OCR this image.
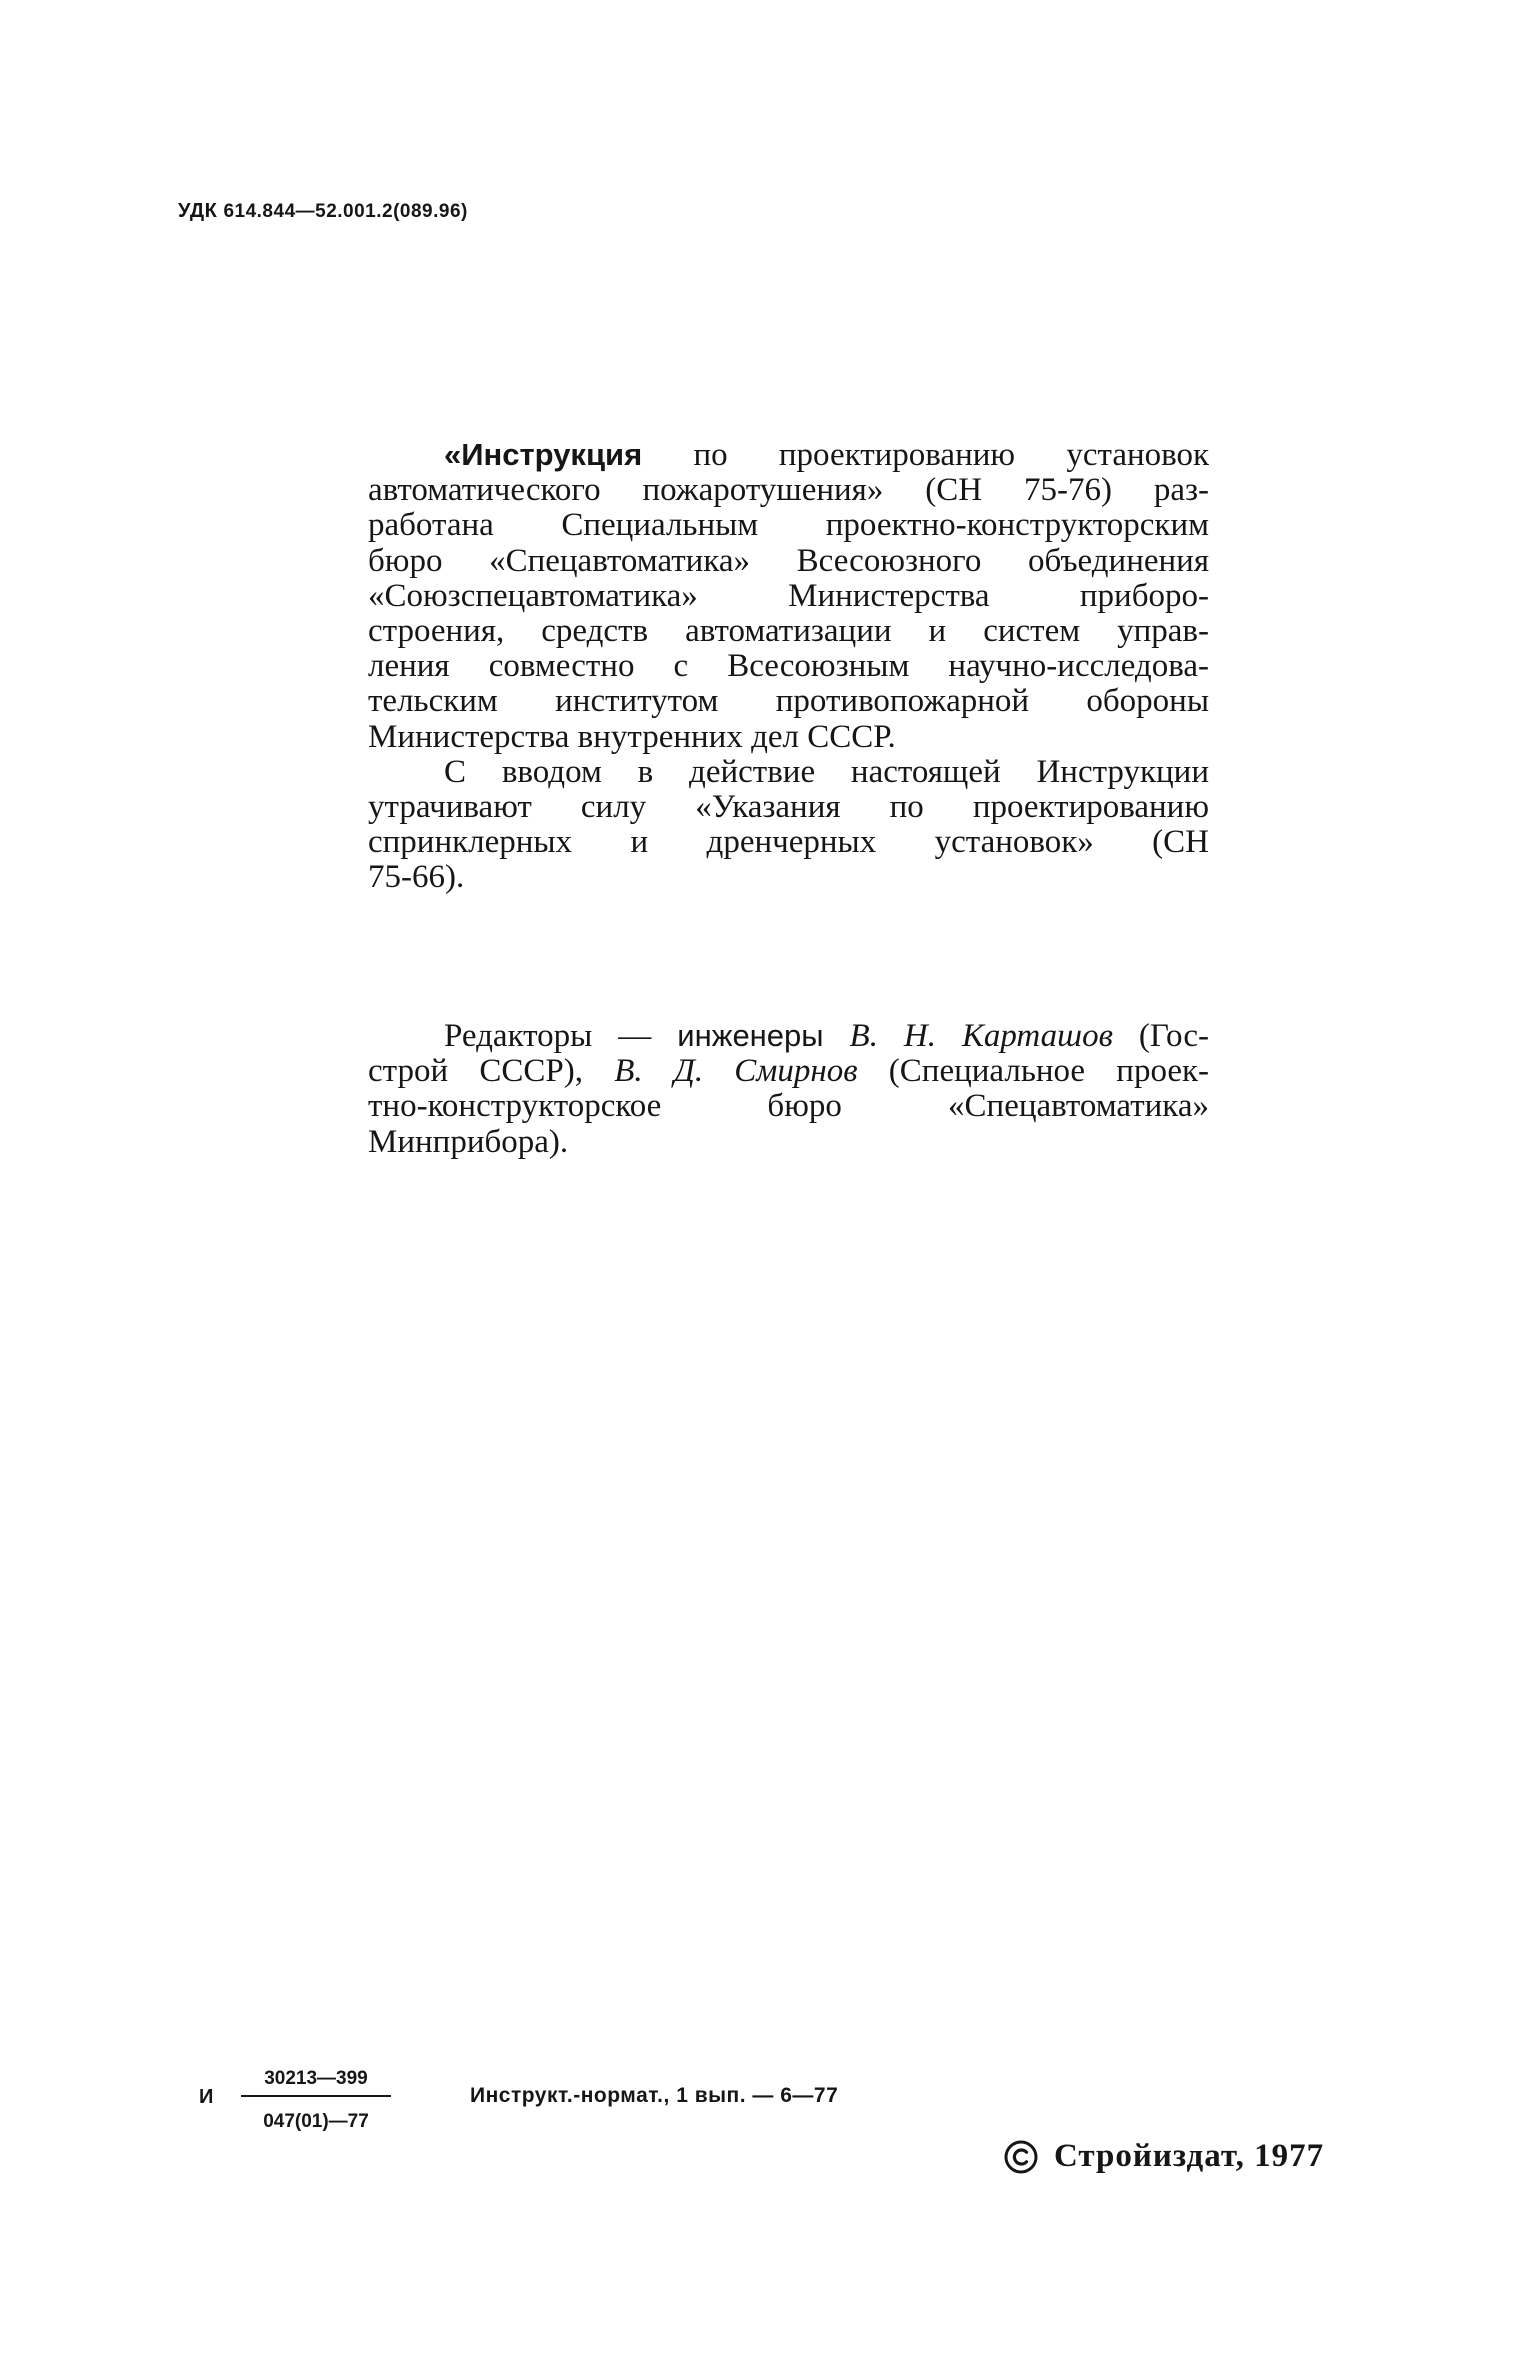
УДК 614.844—52.001.2(089.96)

«Инструкция по проектированию установок

автоматического пожаротушения» (СН 75-76) раз-

работана Специальным проектно-конструкторским

бюро «Спецавтоматика» Всесоюзного объединения

«Союзспецавтоматика» Министерства приборо-

строения, средств автоматизации и систем управ-

ления совместно с Всесоюзным научно-исследова-

тельским институтом противопожарной обороны

Министерства внутренних дел СССР.

С вводом в действие настоящей Инструкции

утрачивают силу «Указания по проектированию

спринклерных и дренчерных установок» (СН

75-66).

Редакторы — инженеры В. Н. Карташов (Гос-

строй СССР), В. Д. Смирнов (Специальное проек-

тно-конструкторское бюро «Спецавтоматика»

Минприбора).

И $\frac{30213—399}{047(01)—77}$ Инструкт.-нормат., 1 вып. — 6—77
Стройиздат,
1977
